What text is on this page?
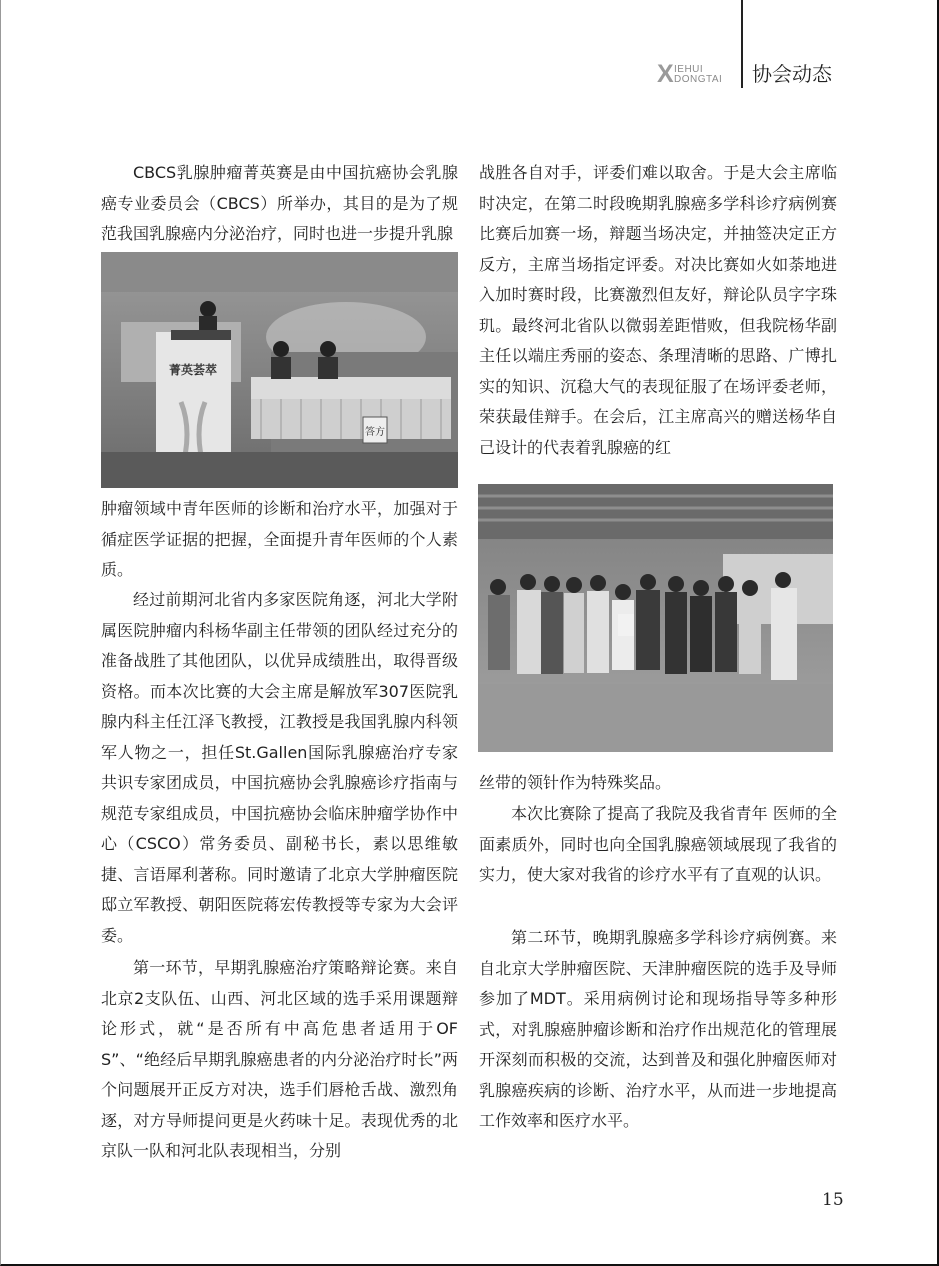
X IEHUI
DONGTAI 协会动态

CBCS乳腺肿瘤菁英赛是由中国抗癌协会乳腺癌专业委员会（CBCS）所举办，其目的是为了规范我国乳腺癌内分泌治疗，同时也进一步提升乳腺

菁英荟萃
答方

肿瘤领域中青年医师的诊断和治疗水平，加强对于循症医学证据的把握，全面提升青年医师的个人素质。

经过前期河北省内多家医院角逐，河北大学附属医院肿瘤内科杨华副主任带领的团队经过充分的准备战胜了其他团队，以优异成绩胜出，取得晋级资格。而本次比赛的大会主席是解放军307医院乳腺内科主任江泽飞教授，江教授是我国乳腺内科领军人物之一，担任St.Gallen国际乳腺癌治疗专家共识专家团成员，中国抗癌协会乳腺癌诊疗指南与规范专家组成员，中国抗癌协会临床肿瘤学协作中心（CSCO）常务委员、副秘书长，素以思维敏捷、言语犀利著称。同时邀请了北京大学肿瘤医院邸立军教授、朝阳医院蒋宏传教授等专家为大会评委。

第一环节，早期乳腺癌治疗策略辩论赛。来自北京2支队伍、山西、河北区域的选手采用课题辩论形式，就“是否所有中高危患者适用于OFS”、“绝经后早期乳腺癌患者的内分泌治疗时长”两个问题展开正反方对决，选手们唇枪舌战、激烈角逐，对方导师提问更是火药味十足。表现优秀的北京队一队和河北队表现相当，分别

战胜各自对手，评委们难以取舍。于是大会主席临时决定，在第二时段晚期乳腺癌多学科诊疗病例赛比赛后加赛一场，辩题当场决定，并抽签决定正方反方，主席当场指定评委。对决比赛如火如荼地进入加时赛时段，比赛激烈但友好，辩论队员字字珠玑。最终河北省队以微弱差距惜败，但我院杨华副主任以端庄秀丽的姿态、条理清晰的思路、广博扎实的知识、沉稳大气的表现征服了在场评委老师，荣获最佳辩手。在会后，江主席高兴的赠送杨华自己设计的代表着乳腺癌的红

丝带的领针作为特殊奖品。

本次比赛除了提高了我院及我省青年 医师的全面素质外，同时也向全国乳腺癌领域展现了我省的实力，使大家对我省的诊疗水平有了直观的认识。

第二环节，晚期乳腺癌多学科诊疗病例赛。来自北京大学肿瘤医院、天津肿瘤医院的选手及导师参加了MDT。采用病例讨论和现场指导等多种形式，对乳腺癌肿瘤诊断和治疗作出规范化的管理展开深刻而积极的交流，达到普及和强化肿瘤医师对乳腺癌疾病的诊断、治疗水平，从而进一步地提高工作效率和医疗水平。

15
